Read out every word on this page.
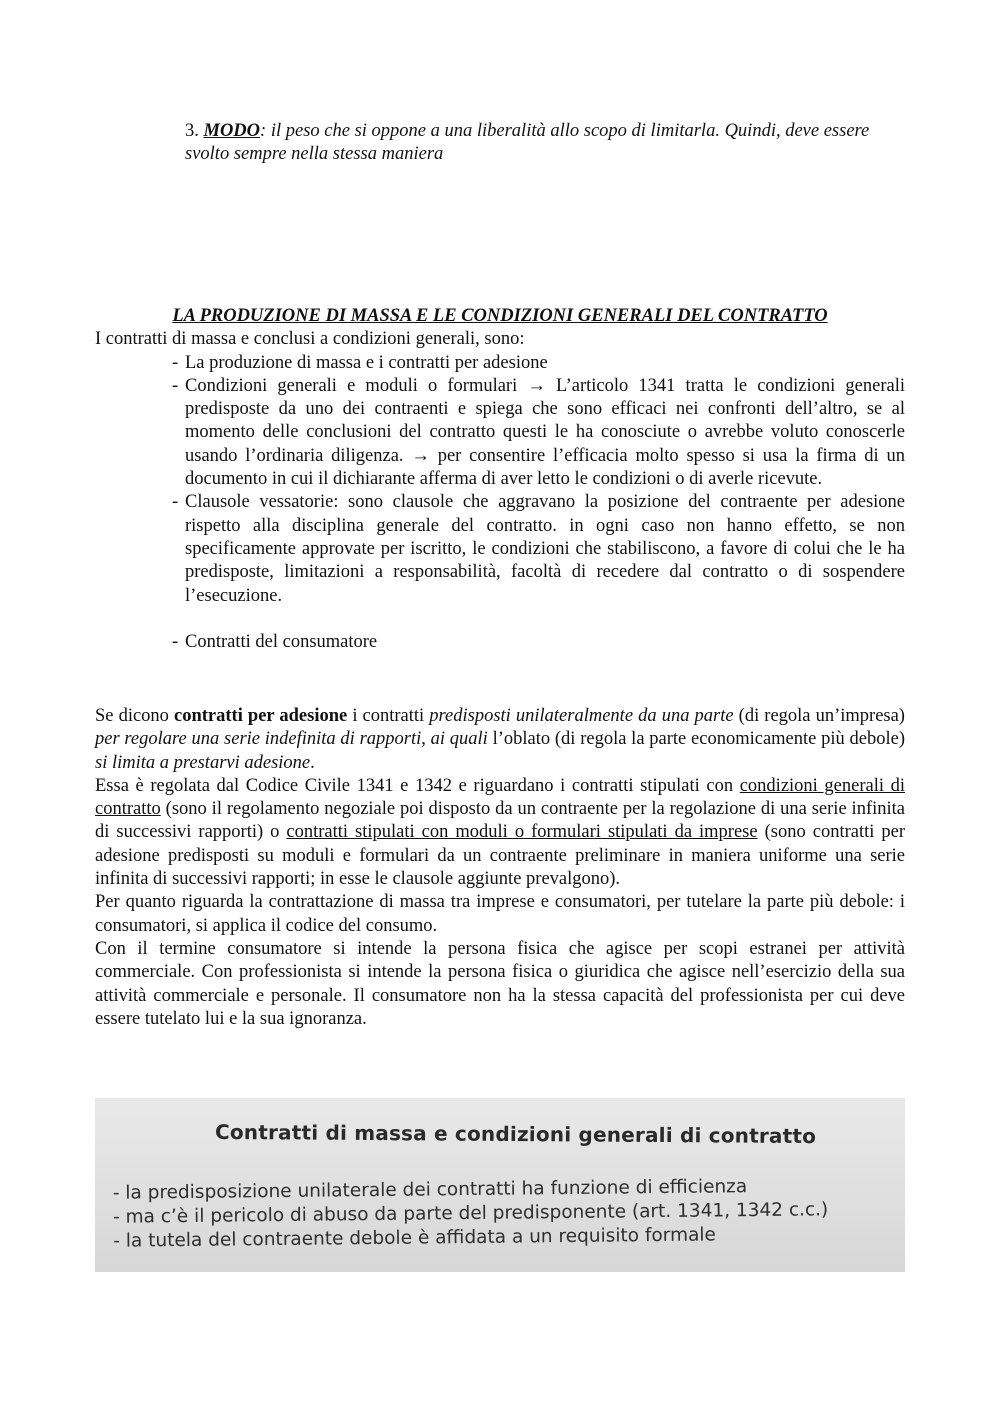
3. MODO: il peso che si oppone a una liberalità allo scopo di limitarla. Quindi, deve essere svolto sempre nella stessa maniera

LA PRODUZIONE DI MASSA E LE CONDIZIONI GENERALI DEL CONTRATTO

I contratti di massa e conclusi a condizioni generali, sono:

- La produzione di massa e i contratti per adesione
- Condizioni generali e moduli o formulari → L’articolo 1341 tratta le condizioni generali predisposte da uno dei contraenti e spiega che sono efficaci nei confronti dell’altro, se al momento delle conclusioni del contratto questi le ha conosciute o avrebbe voluto conoscerle usando l’ordinaria diligenza. → per consentire l’efficacia molto spesso si usa la firma di un documento in cui il dichiarante afferma di aver letto le condizioni o di averle ricevute.
- Clausole vessatorie: sono clausole che aggravano la posizione del contraente per adesione rispetto alla disciplina generale del contratto. in ogni caso non hanno effetto, se non specificamente approvate per iscritto, le condizioni che stabiliscono, a favore di colui che le ha predisposte, limitazioni a responsabilità, facoltà di recedere dal contratto o di sospendere l’esecuzione.
- Contratti del consumatore

Se dicono contratti per adesione i contratti predisposti unilateralmente da una parte (di regola un’impresa) per regolare una serie indefinita di rapporti, ai quali l’oblato (di regola la parte economicamente più debole) si limita a prestarvi adesione.

Essa è regolata dal Codice Civile 1341 e 1342 e riguardano i contratti stipulati con condizioni generali di contratto (sono il regolamento negoziale poi disposto da un contraente per la regolazione di una serie infinita di successivi rapporti) o contratti stipulati con moduli o formulari stipulati da imprese (sono contratti per adesione predisposti su moduli e formulari da un contraente preliminare in maniera uniforme una serie infinita di successivi rapporti; in esse le clausole aggiunte prevalgono).

Per quanto riguarda la contrattazione di massa tra imprese e consumatori, per tutelare la parte più debole: i consumatori, si applica il codice del consumo.

Con il termine consumatore si intende la persona fisica che agisce per scopi estranei per attività commerciale. Con professionista si intende la persona fisica o giuridica che agisce nell’esercizio della sua attività commerciale e personale. Il consumatore non ha la stessa capacità del professionista per cui deve essere tutelato lui e la sua ignoranza.

Contratti di massa e condizioni generali di contratto
- la predisposizione unilaterale dei contratti ha funzione di efficienza
- ma c’è il pericolo di abuso da parte del predisponente (art. 1341, 1342 c.c.)
- la tutela del contraente debole è affidata a un requisito formale
